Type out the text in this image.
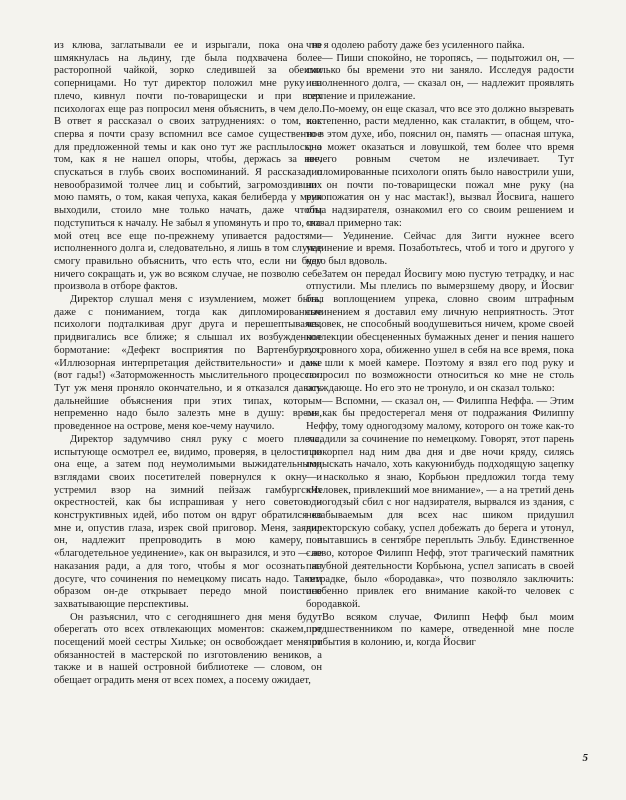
из клюва, заглатывали ее и изрыгали, пока она не шмякнулась на льдину, где была подхвачена более расторопной чайкой, зорко следившей за обеими соперницами. Но тут директор положил мне руку на плечо, кивнул почти по-товарищески и при всех психологах еще раз попросил меня объяснить, в чем дело. В ответ я рассказал о своих затруднениях: о том, как сперва я почти сразу вспомнил все самое существенное для предложенной темы и как оно тут же расплылось; о том, как я не нашел опоры, чтобы, держась за нее, спускаться в глубь своих воспоминаний. Я рассказал о невообразимой толчее лиц и событий, загромоздивших мою память, о том, какая чепуха, какая белиберда у меня выходили, стоило мне только начать, даже чтобы подступиться к началу. Не забыл я упомянуть и про то, что мой отец все еще по-прежнему упивается радостями исполненного долга и, следовательно, я лишь в том случае смогу правильно объяснить, что есть что, если ни буду ничего сокращать и, уж во всяком случае, не позволю себе произвола в отборе фактов.

Директор слушал меня с изумлением, может быть, даже с пониманием, тогда как дипломированные психологи подталкивая друг друга и перешептываясь, придвигались все ближе; я слышал их возбужденное бормотание: «Дефект восприятия по Вартенбургу», «Иллюзорная интерпретация действительности» и даже (вот гады!) «Заторможенность мыслительного процесса». Тут уж меня проняло окончательно, и я отказался давать дальнейшие объяснения при этих типах, которым непременно надо было залезть мне в душу: время, проведенное на острове, меня кое-чему научило.

Директор задумчиво снял руку с моего плеча, испытующе осмотрел ее, видимо, проверяя, в целости ли она еще, а затем под неумолимыми выжидательными взглядами своих посетителей повернулся к окну и устремил взор на зимний пейзаж гамбургских окрестностей, как бы испрашивая у него советов и конструктивных идей, ибо потом он вдруг обратился ко мне и, опустив глаза, изрек свой приговор. Меня, заявил он, надлежит препроводить в мою камеру, в «благодетельное уединение», как он выразился, и это — не наказания ради, а для того, чтобы я мог осознать на досуге, что сочинения по немецкому писать надо. Таким образом он-де открывает передо мной поистине захватывающие перспективы.

Он разъяснил, что с сегодняшнего дня меня будут оберегать ото всех отвлекающих моментов: скажем, от посещений моей сестры Хильке; он освобождает меня от обязанностей в мастерской по изготовлению веников, а также и в нашей островной библиотеке — словом, он обещает оградить меня от всех помех, а посему ожидает,

что я одолею работу даже без усиленного пайка.

— Пиши спокойно, не торопясь, — подытожил он, — сколько бы времени это ни заняло. Исследуя радости исполненного долга, — сказал он, — надлежит проявлять терпение и прилежание.

По-моему, он еще сказал, что все это должно вызревать постепенно, расти медленно, как сталактит, в общем, что-то в этом духе, ибо, пояснил он, память — опасная штука, она может оказаться и ловушкой, тем более что время ничего ровным счетом не излечивает. Тут дипломированные психологи опять было навострили уши, но он почти по-товарищески пожал мне руку (на рукопожатия он у нас мастак!), вызвал Йосвига, нашего отца надзирателя, ознакомил его со своим решением и сказал примерно так:

— Уединение. Сейчас для Зигги нужнее всего уединение и время. Позаботьтесь, чтоб и того и другого у него был вдоволь.

Затем он передал Йосвигу мою пустую тетрадку, и нас отпустили. Мы плелись по вымерзшему двору, и Йосвиг был воплощением упрека, словно своим штрафным сочинением я доставил ему личную неприятность. Этот человек, не способный воодушевиться ничем, кроме своей коллекции обесцененных бумажных денег и пения нашего островного хора, обиженно ушел в себя на все время, пока мы шли к моей камере. Поэтому я взял его под руку и попросил по возможности относиться ко мне не столь осуждающе. Но его это не тронуло, и он сказал только:

— Вспомни, — сказал он, — Филиппа Неффа. — Этим он как бы предостерегал меня от подражания Филиппу Неффу, тому одногодзому малому, которого он тоже как-то засадили за сочинение по немецкому. Говорят, этот парень прокорпел над ним два дня и две ночи кряду, силясь подыскать начало, хоть какуюнибудь подходящую зацепку — насколько я знаю, Корбьюн предложил тогда тему «Человек, привлекший мое внимание», — а на третий день одногодзый сбил с ног надзирателя, вырвался из здания, с незабываемым для всех нас шиком придушил директорскую собаку, успел добежать до берега и утонул, попытавшись в сентябре переплыть Эльбу. Единственное слово, которое Филипп Нефф, этот трагический памятник пагубной деятельности Корбьюна, успел записать в своей тетрадке, было «бородавка», что позволяло заключить: особенно привлек его внимание какой-то человек с бородавкой.

Во всяком случае, Филипп Нефф был моим предшественником по камере, отведенной мне после прибытия в колонию, и, когда Йосвиг

5
